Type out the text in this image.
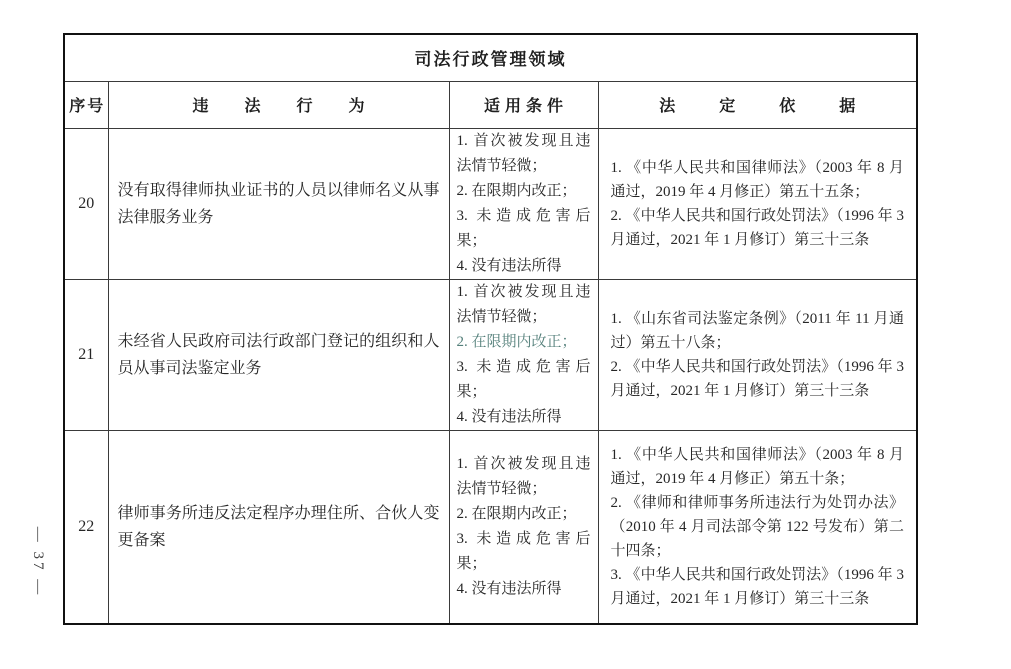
司法行政管理领域			
序号	违 法 行 为	适用条件	法 定 依 据
20	没有取得律师执业证书的人员以律师名义从事法律服务业务	1. 首次被发现且违法情节轻微；
2. 在限期内改正；
3. 未造成危害后果；
4. 没有违法所得	1. 《中华人民共和国律师法》（2003 年 8 月通过，2019 年 4 月修正）第五十五条；
2. 《中华人民共和国行政处罚法》（1996 年 3 月通过，2021 年 1 月修订）第三十三条

21	未经省人民政府司法行政部门登记的组织和人员从事司法鉴定业务	1. 首次被发现且违法情节轻微；
2. 在限期内改正；
3. 未造成危害后果；
4. 没有违法所得	1. 《山东省司法鉴定条例》（2011 年 11 月通过）第五十八条；
2. 《中华人民共和国行政处罚法》（1996 年 3 月通过，2021 年 1 月修订）第三十三条

22	律师事务所违反法定程序办理住所、合伙人变更备案	1. 首次被发现且违法情节轻微；
2. 在限期内改正；
3. 未造成危害后果；
4. 没有违法所得	1. 《中华人民共和国律师法》（2003 年 8 月通过，2019 年 4 月修正）第五十条；
2. 《律师和律师事务所违法行为处罚办法》（2010 年 4 月司法部令第 122 号发布）第二十四条；
3. 《中华人民共和国行政处罚法》（1996 年 3 月通过，2021 年 1 月修订）第三十三条
— 37 —
